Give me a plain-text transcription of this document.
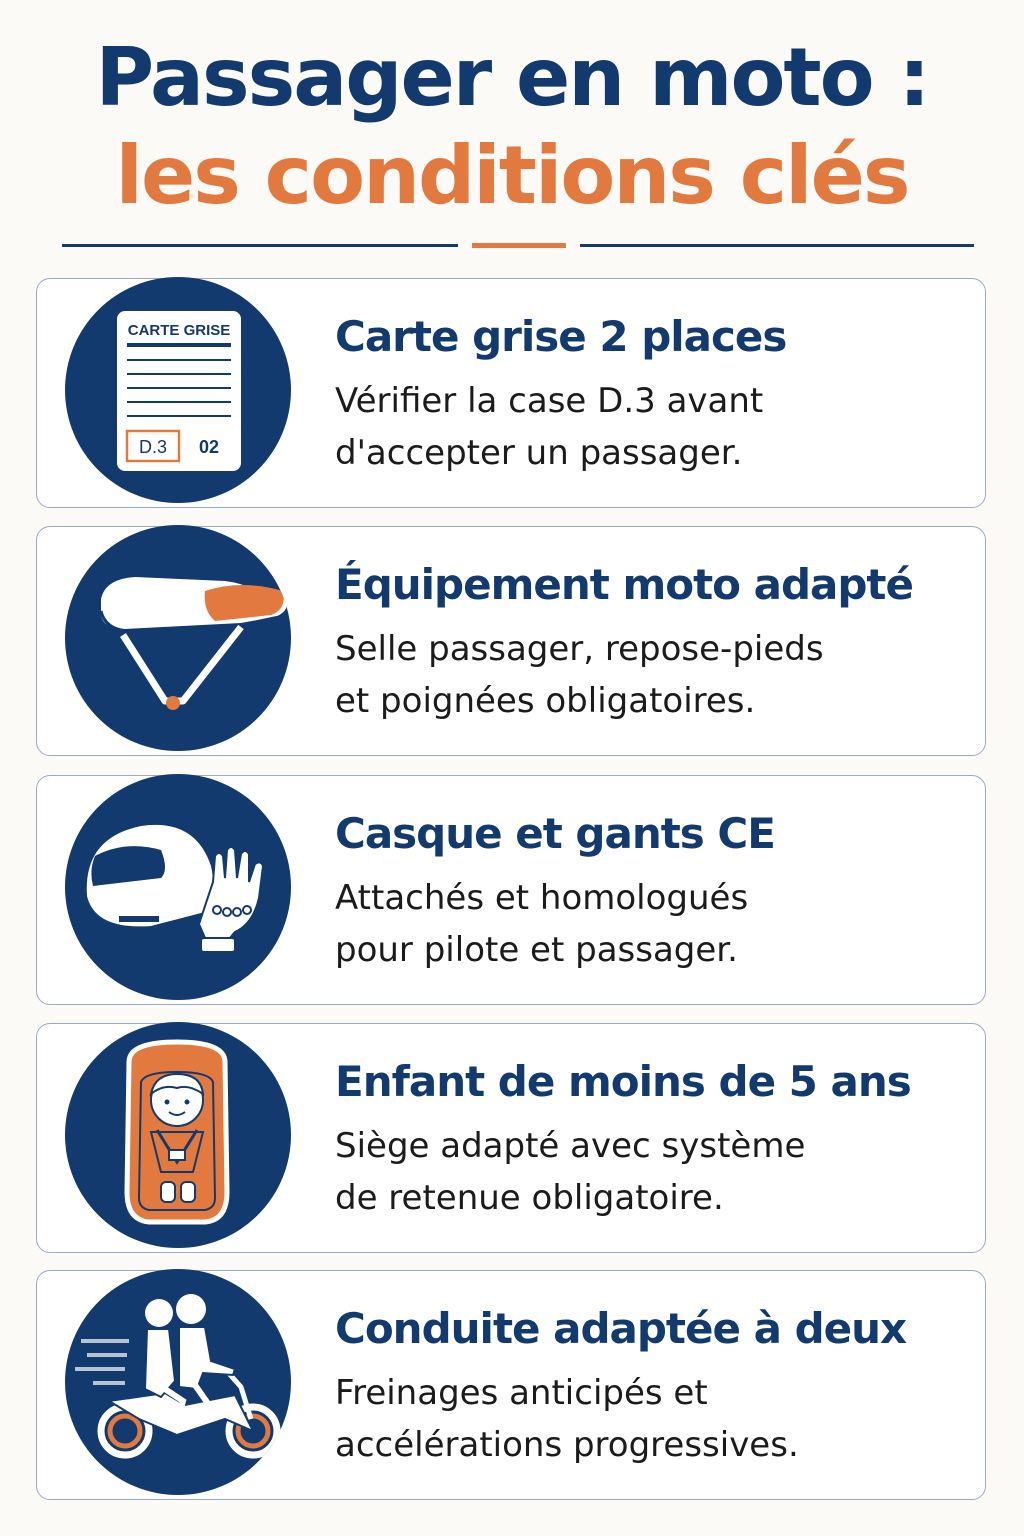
Passager en moto :
les conditions clés
CARTE GRISE
D.3 02
Carte grise 2 places
Vérifier la case D.3 avant
d'accepter un passager.
Équipement moto adapté
Selle passager, repose-pieds
et poignées obligatoires.
Casque et gants CE
Attachés et homologués
pour pilote et passager.
Enfant de moins de 5 ans
Siège adapté avec système
de retenue obligatoire.
Conduite adaptée à deux
Freinages anticipés et
accélérations progressives.
